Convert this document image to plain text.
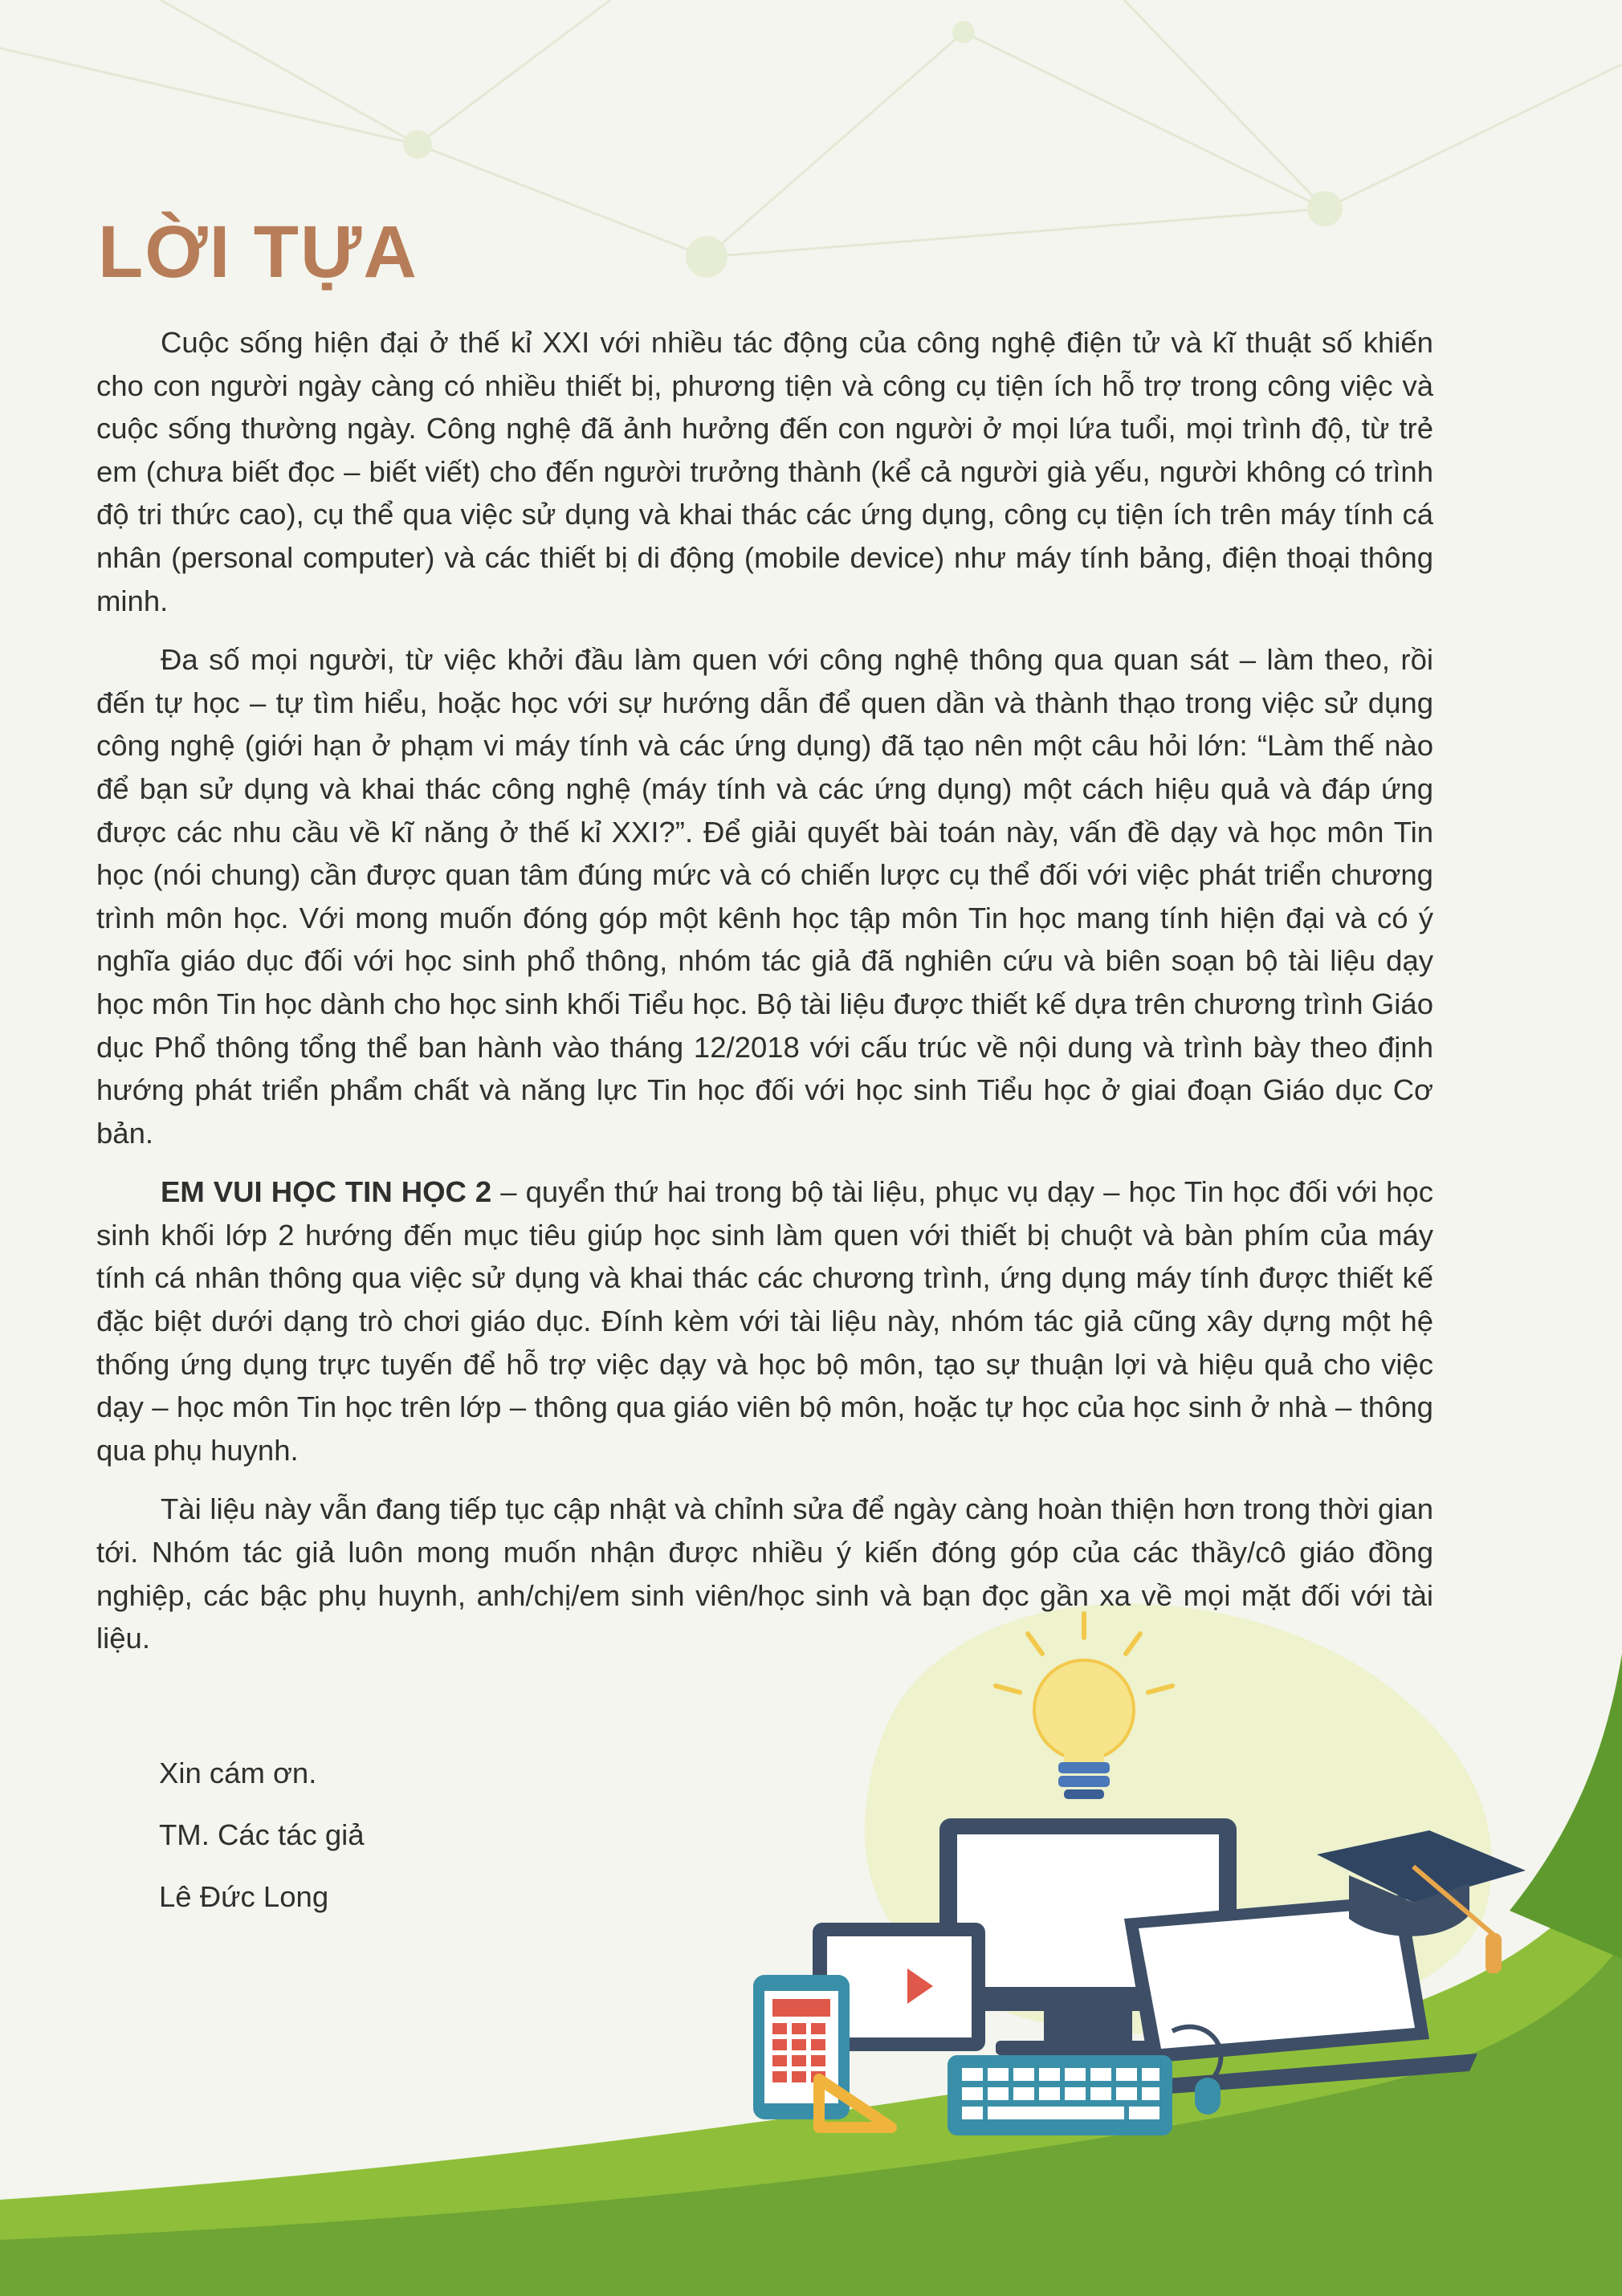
LỜI TỰA

Cuộc sống hiện đại ở thế kỉ XXI với nhiều tác động của công nghệ điện tử và kĩ thuật số khiến cho con người ngày càng có nhiều thiết bị, phương tiện và công cụ tiện ích hỗ trợ trong công việc và cuộc sống thường ngày. Công nghệ đã ảnh hưởng đến con người ở mọi lứa tuổi, mọi trình độ, từ trẻ em (chưa biết đọc – biết viết) cho đến người trưởng thành (kể cả người già yếu, người không có trình độ tri thức cao), cụ thể qua việc sử dụng và khai thác các ứng dụng, công cụ tiện ích trên máy tính cá nhân (personal computer) và các thiết bị di động (mobile device) như máy tính bảng, điện thoại thông minh.

Đa số mọi người, từ việc khởi đầu làm quen với công nghệ thông qua quan sát – làm theo, rồi đến tự học – tự tìm hiểu, hoặc học với sự hướng dẫn để quen dần và thành thạo trong việc sử dụng công nghệ (giới hạn ở phạm vi máy tính và các ứng dụng) đã tạo nên một câu hỏi lớn: “Làm thế nào để bạn sử dụng và khai thác công nghệ (máy tính và các ứng dụng) một cách hiệu quả và đáp ứng được các nhu cầu về kĩ năng ở thế kỉ XXI?”. Để giải quyết bài toán này, vấn đề dạy và học môn Tin học (nói chung) cần được quan tâm đúng mức và có chiến lược cụ thể đối với việc phát triển chương trình môn học. Với mong muốn đóng góp một kênh học tập môn Tin học mang tính hiện đại và có ý nghĩa giáo dục đối với học sinh phổ thông, nhóm tác giả đã nghiên cứu và biên soạn bộ tài liệu dạy học môn Tin học dành cho học sinh khối Tiểu học. Bộ tài liệu được thiết kế dựa trên chương trình Giáo dục Phổ thông tổng thể ban hành vào tháng 12/2018 với cấu trúc về nội dung và trình bày theo định hướng phát triển phẩm chất và năng lực Tin học đối với học sinh Tiểu học ở giai đoạn Giáo dục Cơ bản.

EM VUI HỌC TIN HỌC 2 – quyển thứ hai trong bộ tài liệu, phục vụ dạy – học Tin học đối với học sinh khối lớp 2 hướng đến mục tiêu giúp học sinh làm quen với thiết bị chuột và bàn phím của máy tính cá nhân thông qua việc sử dụng và khai thác các chương trình, ứng dụng máy tính được thiết kế đặc biệt dưới dạng trò chơi giáo dục. Đính kèm với tài liệu này, nhóm tác giả cũng xây dựng một hệ thống ứng dụng trực tuyến để hỗ trợ việc dạy và học bộ môn, tạo sự thuận lợi và hiệu quả cho việc dạy – học môn Tin học trên lớp – thông qua giáo viên bộ môn, hoặc tự học của học sinh ở nhà – thông qua phụ huynh.

Tài liệu này vẫn đang tiếp tục cập nhật và chỉnh sửa để ngày càng hoàn thiện hơn trong thời gian tới. Nhóm tác giả luôn mong muốn nhận được nhiều ý kiến đóng góp của các thầy/cô giáo đồng nghiệp, các bậc phụ huynh, anh/chị/em sinh viên/học sinh và bạn đọc gần xa về mọi mặt đối với tài liệu.

Xin cám ơn.
TM. Các tác giả
Lê Đức Long
